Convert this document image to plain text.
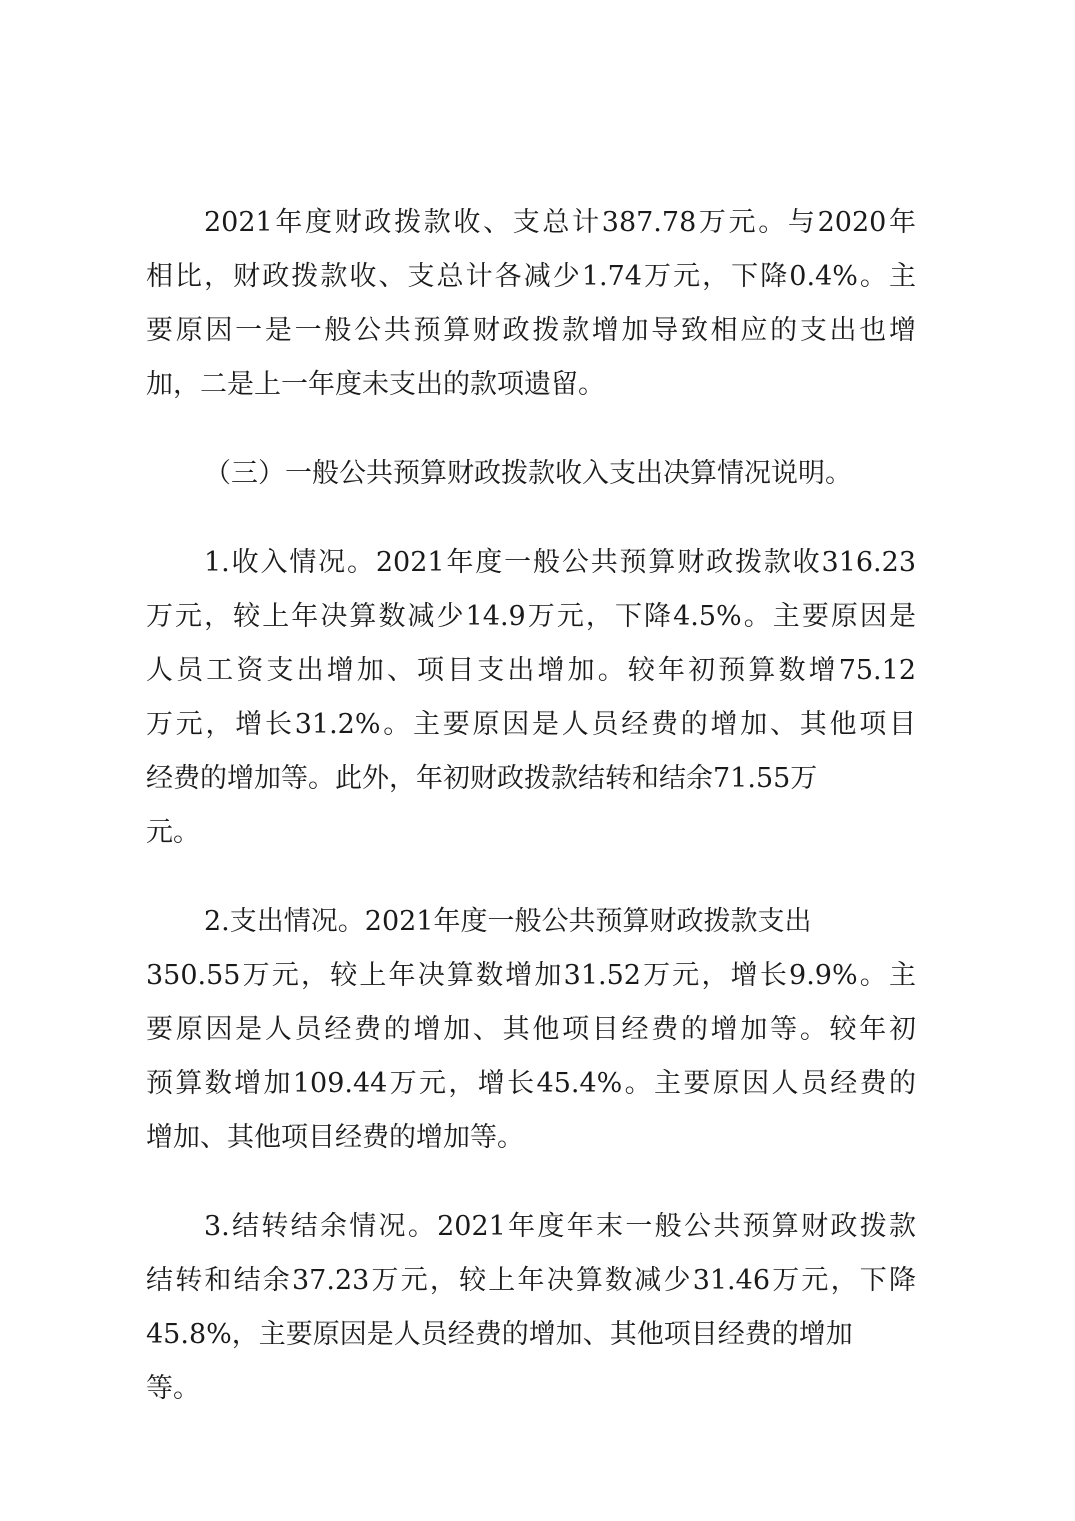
2021年度财政拨款收、支总计387.78万元。与2020年
相比，财政拨款收、支总计各减少1.74万元，下降0.4%。主
要原因一是一般公共预算财政拨款增加导致相应的支出也增
加，二是上一年度未支出的款项遗留。
（三）一般公共预算财政拨款收入支出决算情况说明。
1.收入情况。2021年度一般公共预算财政拨款收316.23
万元，较上年决算数减少14.9万元，下降4.5%。主要原因是
人员工资支出增加、项目支出增加。较年初预算数增75.12
万元，增长31.2%。主要原因是人员经费的增加、其他项目
经费的增加等。此外，年初财政拨款结转和结余71.55万
元。
2.支出情况。2021年度一般公共预算财政拨款支出
350.55万元，较上年决算数增加31.52万元，增长9.9%。主
要原因是人员经费的增加、其他项目经费的增加等。较年初
预算数增加109.44万元，增长45.4%。主要原因人员经费的
增加、其他项目经费的增加等。
3.结转结余情况。2021年度年末一般公共预算财政拨款
结转和结余37.23万元，较上年决算数减少31.46万元，下降
45.8%，主要原因是人员经费的增加、其他项目经费的增加
等。
